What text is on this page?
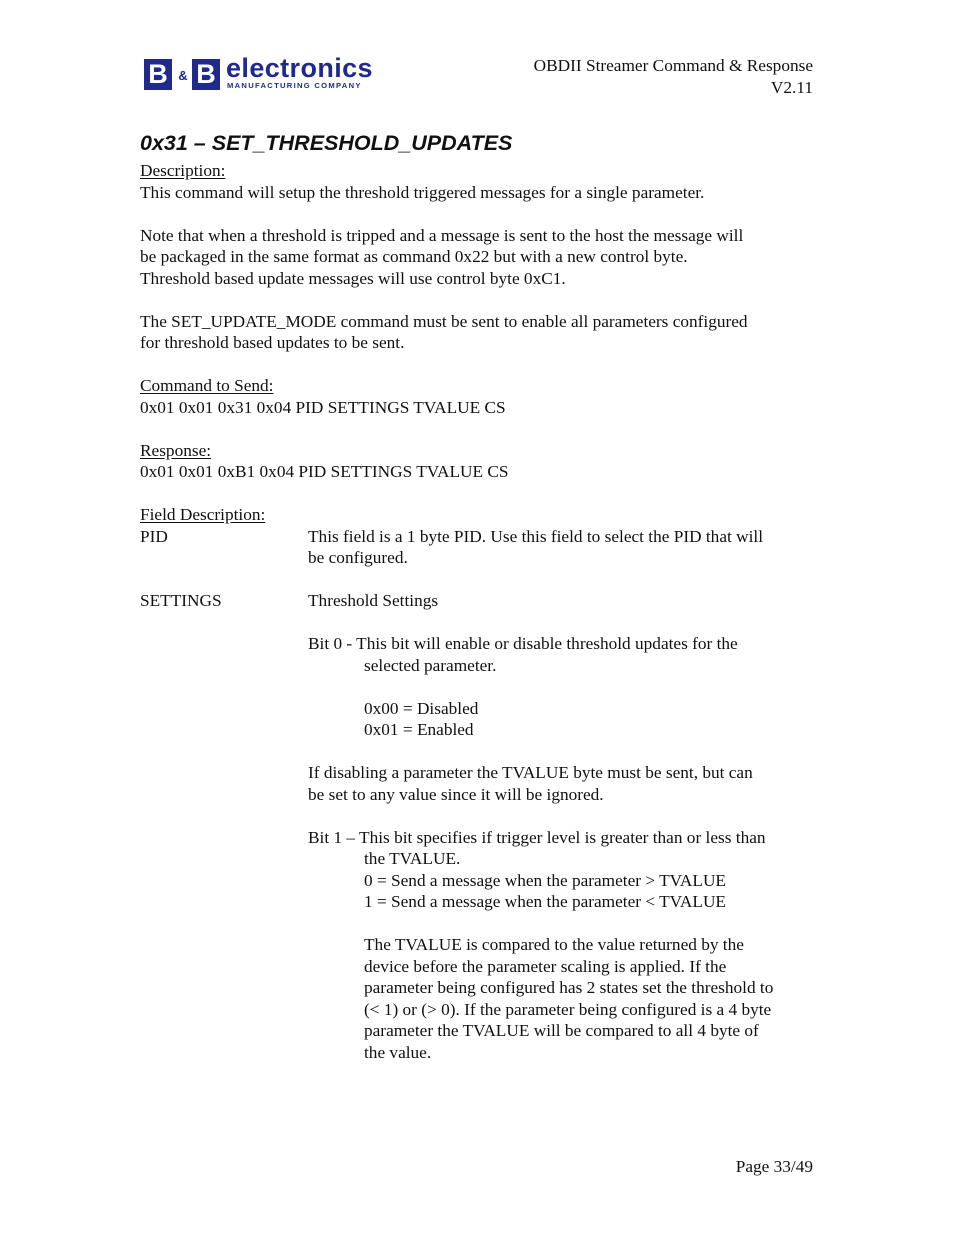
B & B electronics
MANUFACTURING COMPANY
OBDII Streamer Command & Response
V2.11
0x31 – SET_THRESHOLD_UPDATES
Description:
This command will setup the threshold triggered messages for a single parameter.
Note that when a threshold is tripped and a message is sent to the host the message will
be packaged in the same format as command 0x22 but with a new control byte.
Threshold based update messages will use control byte 0xC1.
The SET_UPDATE_MODE command must be sent to enable all parameters configured
for threshold based updates to be sent.
Command to Send:
0x01 0x01 0x31 0x04 PID SETTINGS TVALUE CS
Response:
0x01 0x01 0xB1 0x04 PID SETTINGS TVALUE CS
Field Description:
PID	This field is a 1 byte PID. Use this field to select the PID that will
be configured.
SETTINGS	Threshold Settings
Bit 0 - This bit will enable or disable threshold updates for the
selected parameter.
0x00 = Disabled
0x01 = Enabled
If disabling a parameter the TVALUE byte must be sent, but can
be set to any value since it will be ignored.
Bit 1 – This bit specifies if trigger level is greater than or less than
the TVALUE.
0 = Send a message when the parameter > TVALUE
1 = Send a message when the parameter < TVALUE
The TVALUE is compared to the value returned by the
device before the parameter scaling is applied. If the
parameter being configured has 2 states set the threshold to
(< 1) or (> 0). If the parameter being configured is a 4 byte
parameter the TVALUE will be compared to all 4 byte of
the value.
Page 33/49
